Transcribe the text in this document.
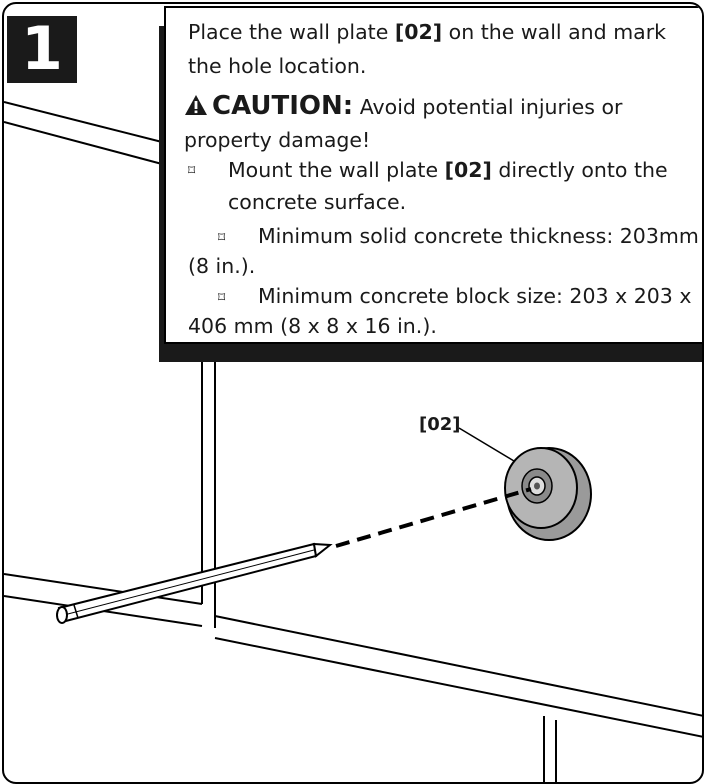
1	Place the wall plate [02] on the wall and mark
the hole location.
CAUTION: Avoid potential injuries or
property damage!
⌑ Mount the wall plate [02] directly onto the
concrete surface.
⌑ Minimum solid concrete thickness: 203mm
(8 in.).
⌑ Minimum concrete block size: 203 x 203 x
406 mm (8 x 8 x 16 in.).
[02]
